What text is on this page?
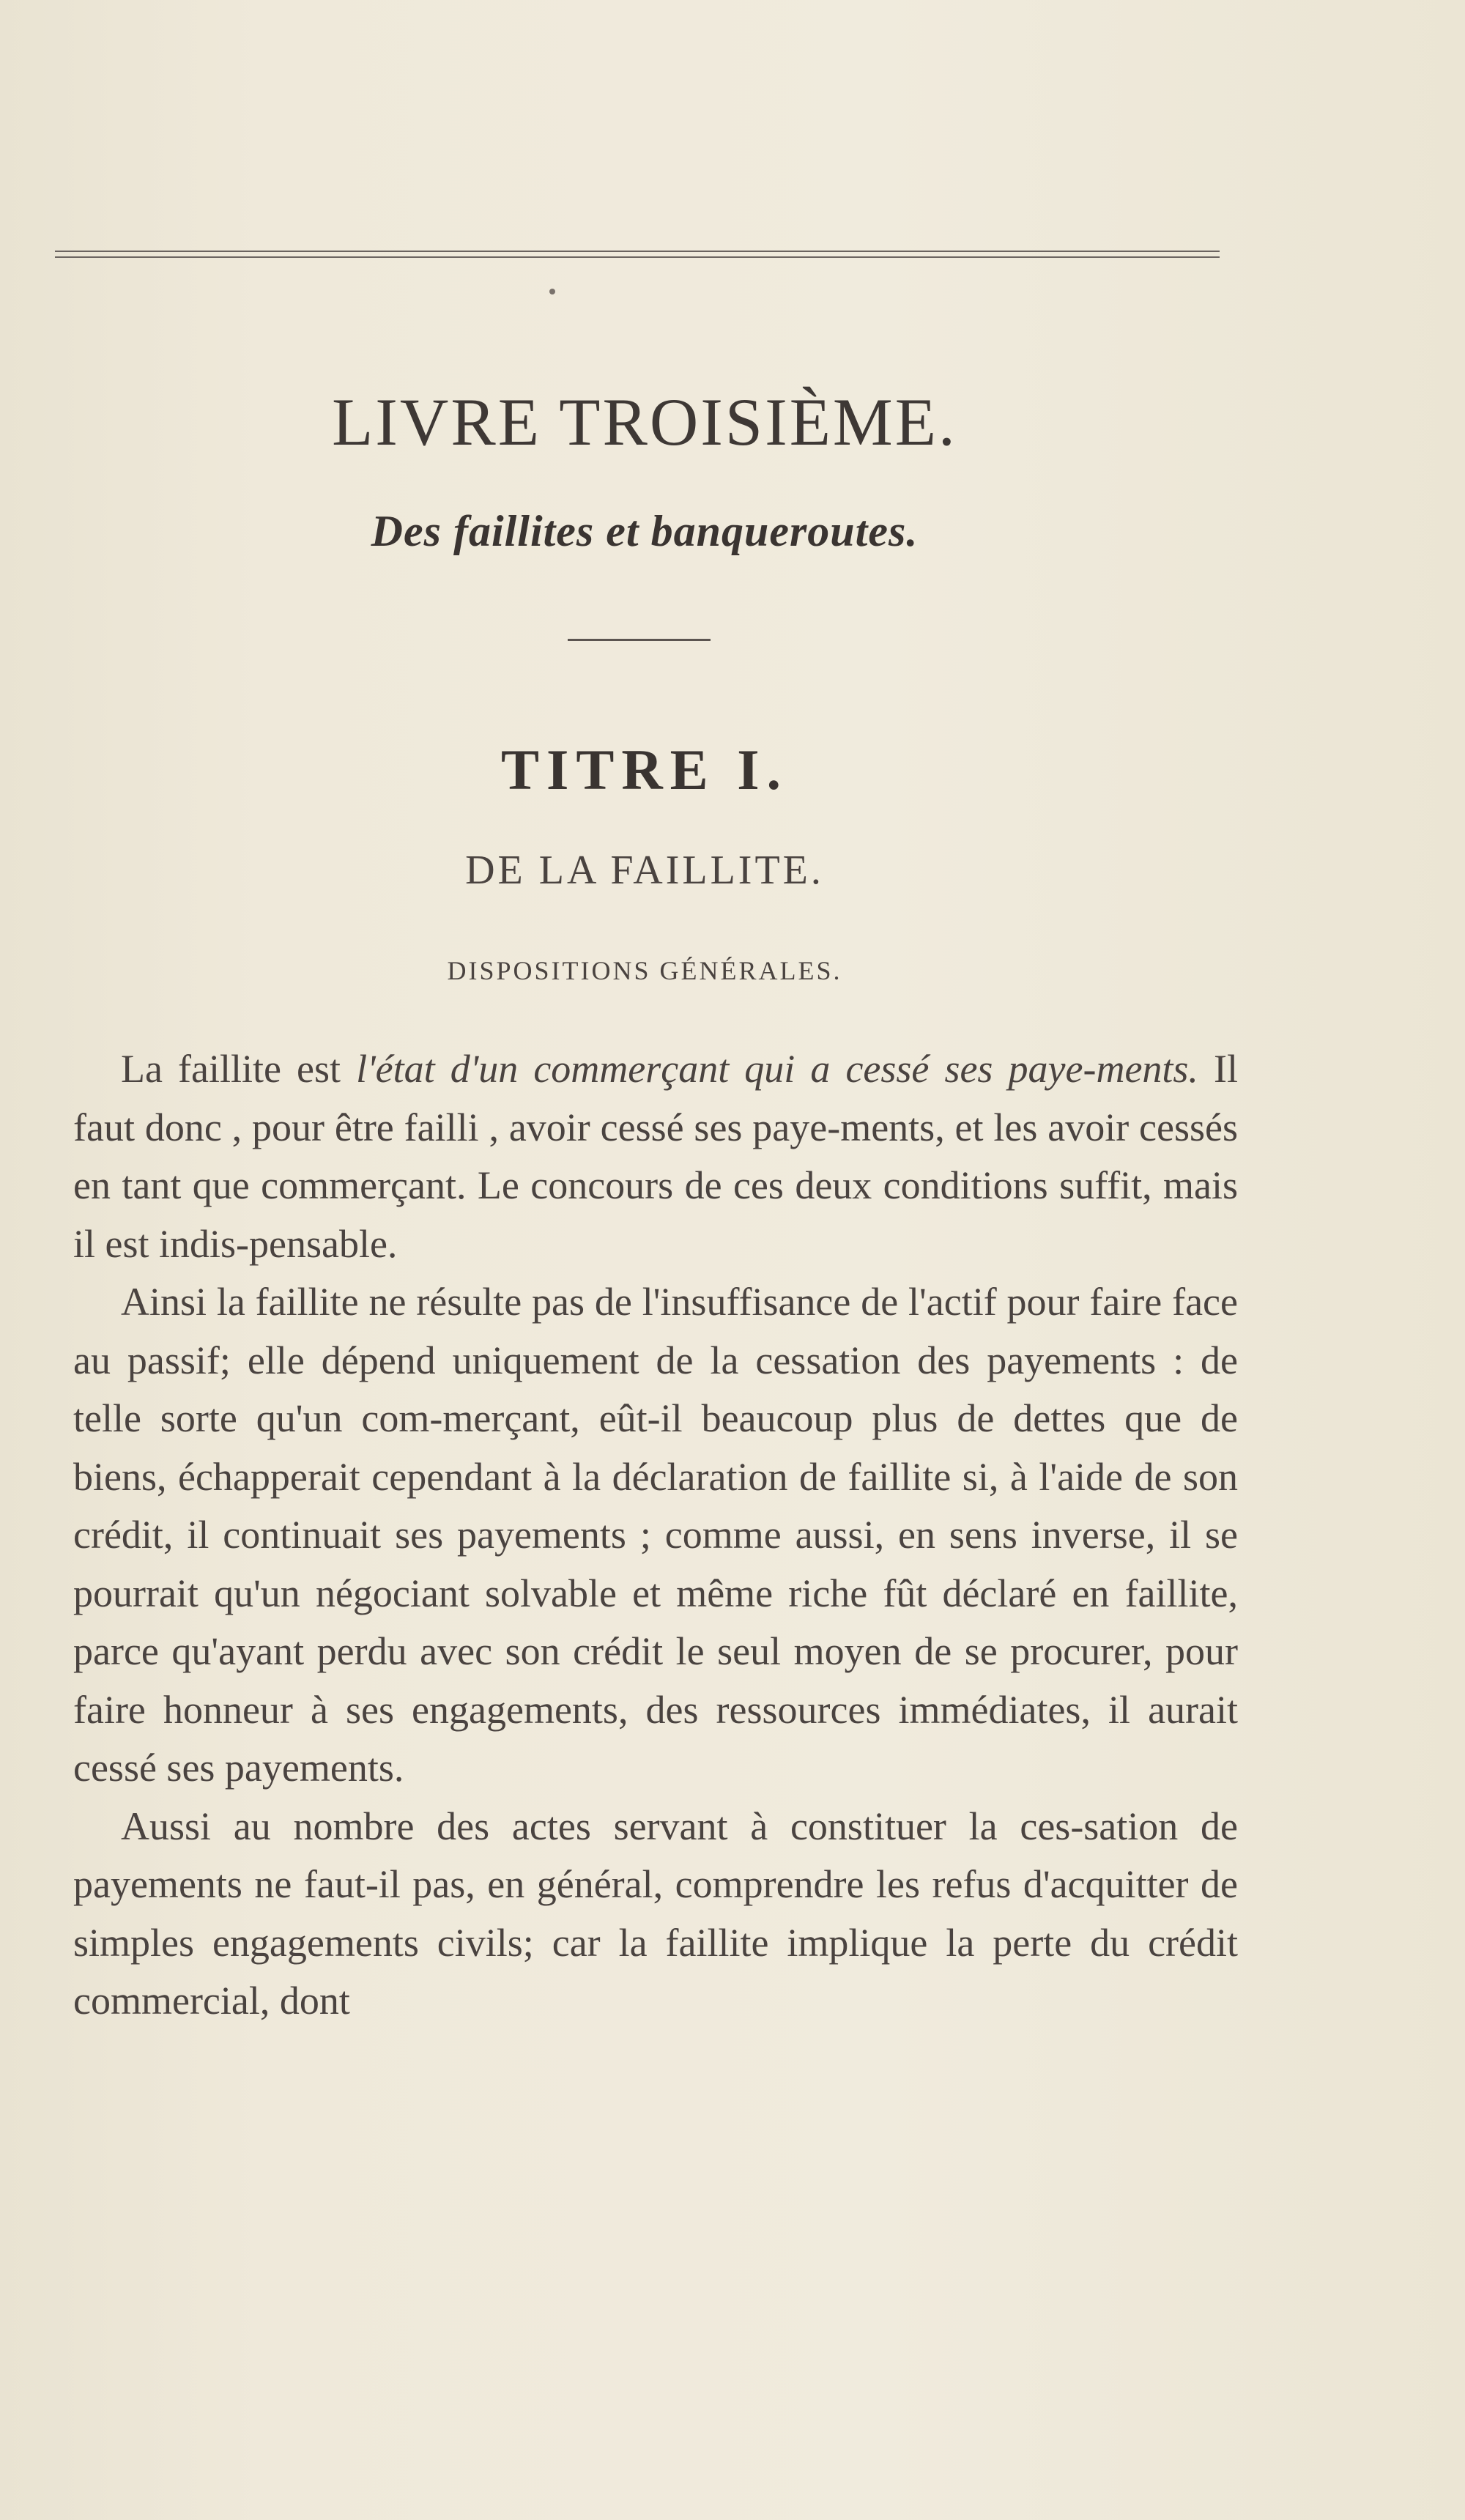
LIVRE TROISIÈME.
Des faillites et banqueroutes.
TITRE I.
DE LA FAILLITE.
DISPOSITIONS GÉNÉRALES.

La faillite est l'état d'un commerçant qui a cessé ses paye-ments. Il faut donc , pour être failli , avoir cessé ses paye-ments, et les avoir cessés en tant que commerçant. Le concours de ces deux conditions suffit, mais il est indis-pensable.

Ainsi la faillite ne résulte pas de l'insuffisance de l'actif pour faire face au passif; elle dépend uniquement de la cessation des payements : de telle sorte qu'un com-merçant, eût-il beaucoup plus de dettes que de biens, échapperait cependant à la déclaration de faillite si, à l'aide de son crédit, il continuait ses payements ; comme aussi, en sens inverse, il se pourrait qu'un négociant solvable et même riche fût déclaré en faillite, parce qu'ayant perdu avec son crédit le seul moyen de se procurer, pour faire honneur à ses engagements, des ressources immédiates, il aurait cessé ses payements.

Aussi au nombre des actes servant à constituer la ces-sation de payements ne faut-il pas, en général, comprendre les refus d'acquitter de simples engagements civils; car la faillite implique la perte du crédit commercial, dont
